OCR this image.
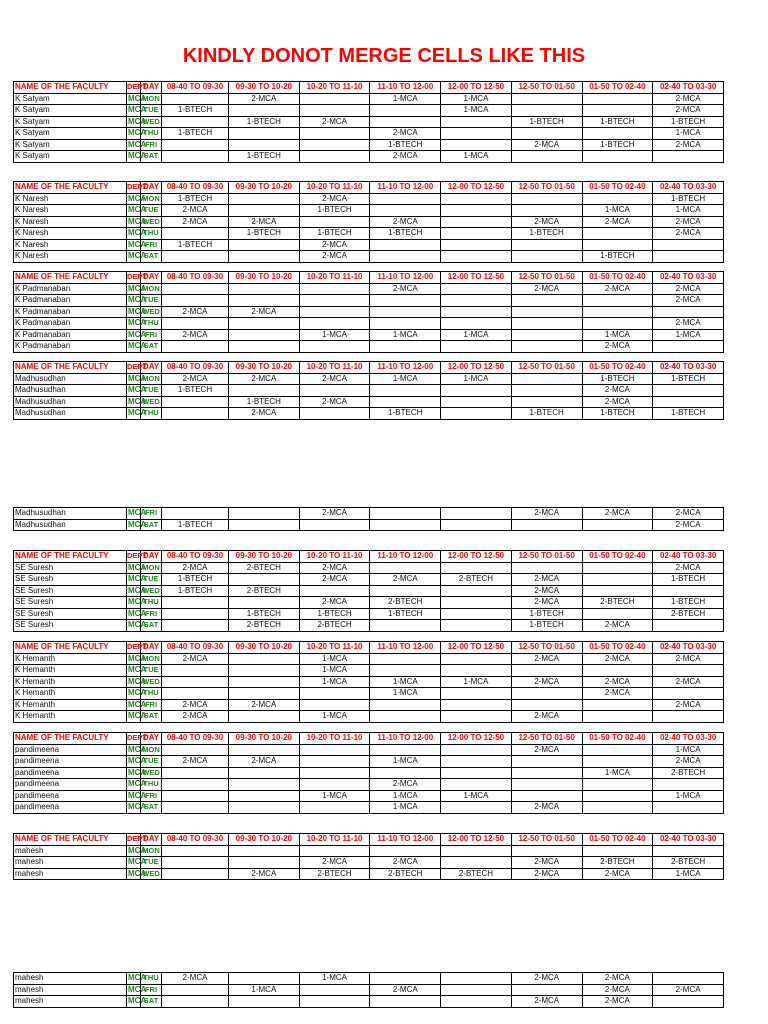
KINDLY DONOT MERGE CELLS LIKE THIS
NAME OF THE FACULTY	DEPT	DAY	08-40 TO 09-30	09-30 TO 10-20	10-20 TO 11-10	11-10 TO 12-00	12-00 TO 12-50	12-50 TO 01-50	01-50 TO 02-40	02-40 TO 03-30
K Satyam	MCA	MON		2-MCA		1-MCA	1-MCA			2-MCA
K Satyam	MCA	TUE	1-BTECH				1-MCA			2-MCA
K Satyam	MCA	WED		1-BTECH	2-MCA			1-BTECH	1-BTECH	1-BTECH
K Satyam	MCA	THU	1-BTECH			2-MCA				1-MCA
K Satyam	MCA	FRI				1-BTECH		2-MCA	1-BTECH	2-MCA
K Satyam	MCA	SAT		1-BTECH		2-MCA	1-MCA			
NAME OF THE FACULTY	DEPT	DAY	08-40 TO 09-30	09-30 TO 10-20	10-20 TO 11-10	11-10 TO 12-00	12-00 TO 12-50	12-50 TO 01-50	01-50 TO 02-40	02-40 TO 03-30
K Naresh	MCA	MON	1-BTECH		2-MCA					1-BTECH
K Naresh	MCA	TUE	2-MCA		1-BTECH				1-MCA	1-MCA
K Naresh	MCA	WED	2-MCA	2-MCA		2-MCA		2-MCA	2-MCA	2-MCA
K Naresh	MCA	THU		1-BTECH	1-BTECH	1-BTECH		1-BTECH		2-MCA
K Naresh	MCA	FRI	1-BTECH		2-MCA					
K Naresh	MCA	SAT			2-MCA				1-BTECH	
NAME OF THE FACULTY	DEPT	DAY	08-40 TO 09-30	09-30 TO 10-20	10-20 TO 11-10	11-10 TO 12-00	12-00 TO 12-50	12-50 TO 01-50	01-50 TO 02-40	02-40 TO 03-30
K Padmanaban	MCA	MON				2-MCA		2-MCA	2-MCA	2-MCA
K Padmanaban	MCA	TUE								2-MCA
K Padmanaban	MCA	WED	2-MCA	2-MCA						
K Padmanaban	MCA	THU								2-MCA
K Padmanaban	MCA	FRI	2-MCA		1-MCA	1-MCA	1-MCA		1-MCA	1-MCA
K Padmanaban	MCA	SAT							2-MCA	
NAME OF THE FACULTY	DEPT	DAY	08-40 TO 09-30	09-30 TO 10-20	10-20 TO 11-10	11-10 TO 12-00	12-00 TO 12-50	12-50 TO 01-50	01-50 TO 02-40	02-40 TO 03-30
Madhusudhan	MCA	MON	2-MCA	2-MCA	2-MCA	1-MCA	1-MCA		1-BTECH	1-BTECH
Madhusudhan	MCA	TUE	1-BTECH						2-MCA	
Madhusudhan	MCA	WED		1-BTECH	2-MCA				2-MCA	
Madhusudhan	MCA	THU		2-MCA		1-BTECH		1-BTECH	1-BTECH	1-BTECH
Madhusudhan	MCA	FRI			2-MCA			2-MCA	2-MCA	2-MCA
Madhusudhan	MCA	SAT	1-BTECH							2-MCA
NAME OF THE FACULTY	DEPT	DAY	08-40 TO 09-30	09-30 TO 10-20	10-20 TO 11-10	11-10 TO 12-00	12-00 TO 12-50	12-50 TO 01-50	01-50 TO 02-40	02-40 TO 03-30
SE Suresh	MCA	MON	2-MCA	2-BTECH	2-MCA					2-MCA
SE Suresh	MCA	TUE	1-BTECH		2-MCA	2-MCA	2-BTECH	2-MCA		1-BTECH
SE Suresh	MCA	WED	1-BTECH	2-BTECH				2-MCA		
SE Suresh	MCA	THU			2-MCA	2-BTECH		2-MCA	2-BTECH	1-BTECH
SE Suresh	MCA	FRI		1-BTECH	1-BTECH	1-BTECH		1-BTECH		2-BTECH
SE Suresh	MCA	SAT		2-BTECH	2-BTECH			1-BTECH	2-MCA	
NAME OF THE FACULTY	DEPT	DAY	08-40 TO 09-30	09-30 TO 10-20	10-20 TO 11-10	11-10 TO 12-00	12-00 TO 12-50	12-50 TO 01-50	01-50 TO 02-40	02-40 TO 03-30
K Hemanth	MCA	MON	2-MCA		1-MCA			2-MCA	2-MCA	2-MCA
K Hemanth	MCA	TUE			1-MCA					
K Hemanth	MCA	WED			1-MCA	1-MCA	1-MCA	2-MCA	2-MCA	2-MCA
K Hemanth	MCA	THU				1-MCA			2-MCA	
K Hemanth	MCA	FRI	2-MCA	2-MCA						2-MCA
K Hemanth	MCA	SAT	2-MCA		1-MCA			2-MCA		
NAME OF THE FACULTY	DEPT	DAY	08-40 TO 09-30	09-30 TO 10-20	10-20 TO 11-10	11-10 TO 12-00	12-00 TO 12-50	12-50 TO 01-50	01-50 TO 02-40	02-40 TO 03-30
pandimeena	MCA	MON						2-MCA		1-MCA
pandimeena	MCA	TUE	2-MCA	2-MCA		1-MCA				2-MCA
pandimeena	MCA	WED							1-MCA	2-BTECH
pandimeena	MCA	THU				2-MCA				
pandimeena	MCA	FRI			1-MCA	1-MCA	1-MCA			1-MCA
pandimeena	MCA	SAT				1-MCA		2-MCA		
NAME OF THE FACULTY	DEPT	DAY	08-40 TO 09-30	09-30 TO 10-20	10-20 TO 11-10	11-10 TO 12-00	12-00 TO 12-50	12-50 TO 01-50	01-50 TO 02-40	02-40 TO 03-30
mahesh	MCA	MON								
mahesh	MCA	TUE			2-MCA	2-MCA		2-MCA	2-BTECH	2-BTECH
mahesh	MCA	WED		2-MCA	2-BTECH	2-BTECH	2-BTECH	2-MCA	2-MCA	1-MCA
mahesh	MCA	THU	2-MCA		1-MCA			2-MCA	2-MCA	
mahesh	MCA	FRI		1-MCA		2-MCA			2-MCA	2-MCA
mahesh	MCA	SAT						2-MCA	2-MCA	
